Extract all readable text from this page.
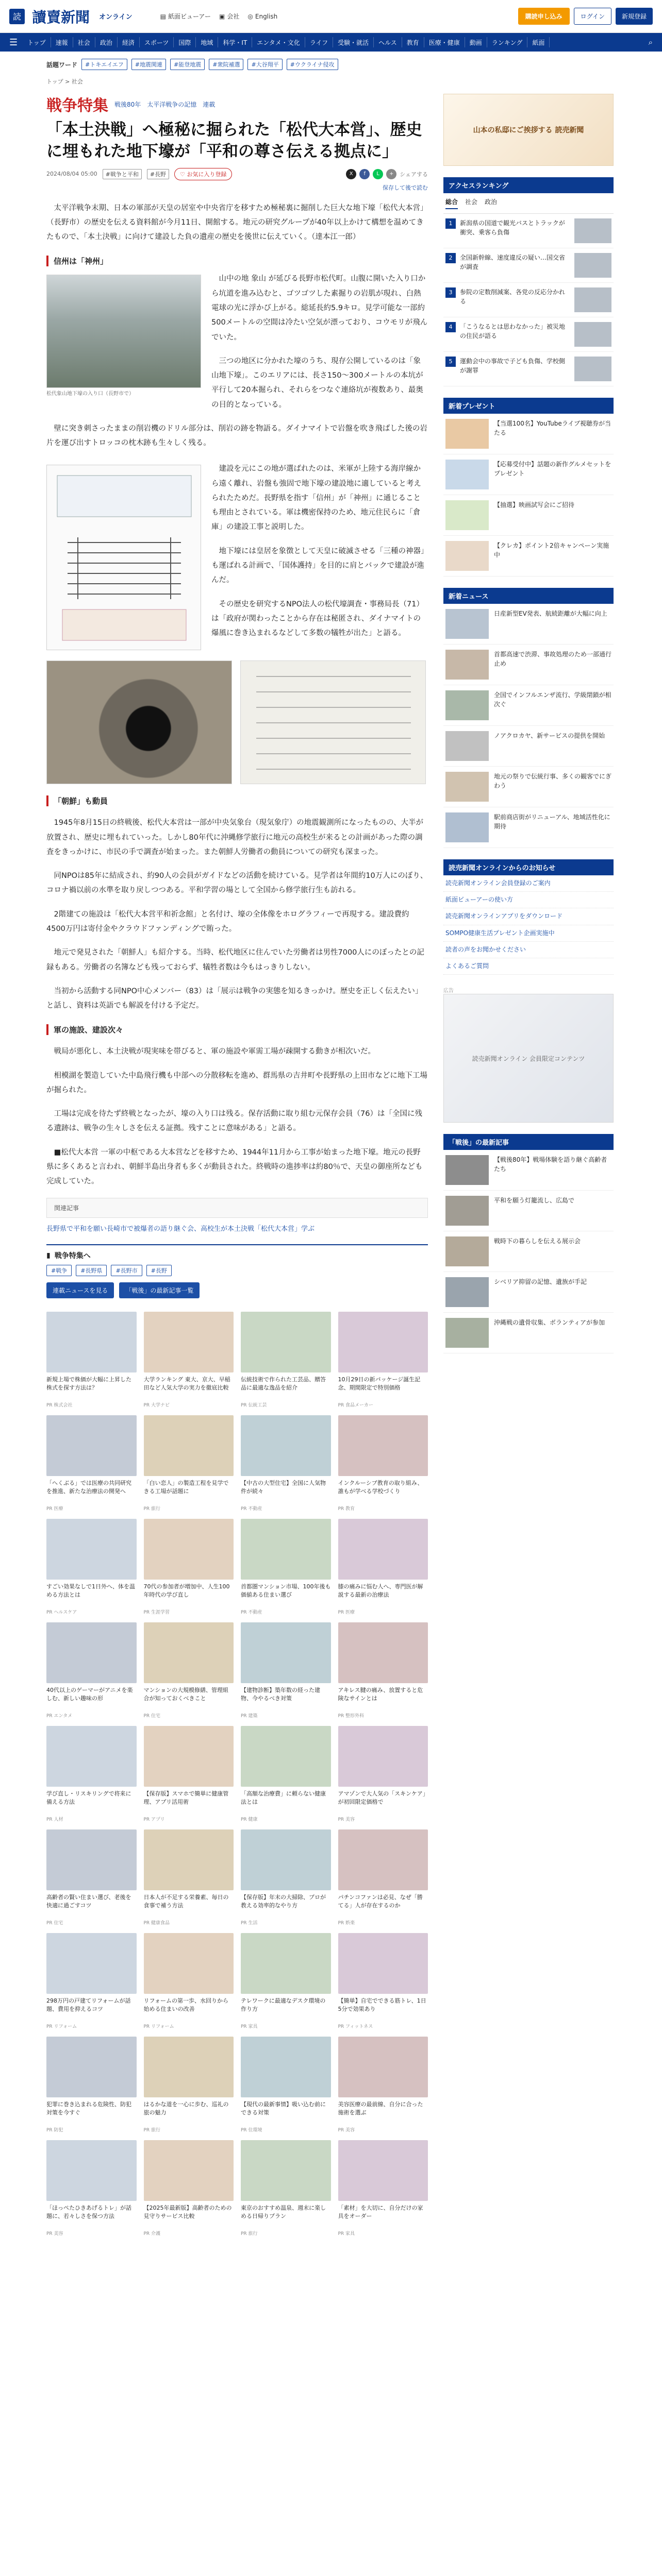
読 讀賣新聞 オンライン	▤ 紙面ビューアー ▣ 会社 ◎ English	購読申し込み	ログイン	新規登録
☰	トップ	速報	社会	政治	経済	スポーツ	国際	地域	科学・IT	エンタメ・文化	ライフ	受験・就活	ヘルス	教育	医療・健康	動画	ランキング	紙面	⌕
話題ワード	#トキエイエフ	#地震関連	#能登地震	#衆院補選	#大谷翔平	#ウクライナ侵攻
トップ > 社会
戦争特集 戦後80年 太平洋戦争の記憶 連載
「本土決戦」へ極秘に掘られた「松代大本営」、歴史に埋もれた地下壕が「平和の尊さ伝える拠点に」
2024/08/04 05:00	#戦争と平和	#長野	♡ お気に入り登録	X	f	L	+	シェアする
保存して後で読む

太平洋戦争末期、日本の軍部が天皇の居室や中央省庁を移すため極秘裏に掘削した巨大な地下壕「松代大本営」（長野市）の歴史を伝える資料館が今月11日、開館する。地元の研究グループが40年以上かけて構想を温めてきたもので、「本土決戦」に向けて建設した負の遺産の歴史を後世に伝えていく。（達本江一郎）

信州は「神州」
松代象山地下壕の入り口（長野市で）

山中の地 象山 が延びる長野市松代町。山腹に開いた入り口から坑道を進み込むと、ゴツゴツした素掘りの岩肌が現れ、白熱電球の光に浮かび上がる。総延長約5.9キロ。見学可能な一部約500メートルの空間は冷たい空気が漂っており、コウモリが飛んでいた。

三つの地区に分かれた壕のうち、現存公開しているのは「象山地下壕」。このエリアには、長さ150〜300メートルの本坑が平行して20本掘られ、それらをつなぐ連絡坑が複数あり、最奥の目的となっている。

壁に突き刺さったままの削岩機のドリル部分は、削岩の跡を物語る。ダイナマイトで岩盤を吹き飛ばした後の岩片を運び出すトロッコの枕木跡も生々しく残る。

建設を元にこの地が選ばれたのは、米軍が上陸する海岸線から遠く離れ、岩盤も強固で地下壕の建設地に適していると考えられたためだ。長野県を指す「信州」が「神州」に通じることも理由とされている。軍は機密保持のため、地元住民らに「倉庫」の建設工事と説明した。

地下壕には皇居を象徴として天皇に破滅させる「三種の神器」も運ばれる計画で、「国体護持」を目的に肩とバックで建設が進んだ。

その歴史を研究するNPO法人の松代壕調査・事務局長（71）は「政府が関わったことから存在は秘匿され、ダイナマイトの爆風に巻き込まれるなどして多数の犠牲が出た」と語る。

「朝鮮」も動員

1945年8月15日の終戦後、松代大本営は一部が中央気象台（現気象庁）の地震観測所になったものの、大半が放置され、歴史に埋もれていった。しかし80年代に沖縄修学旅行に地元の高校生が来るとの計画があった際の調査をきっかけに、市民の手で調査が始まった。また朝鮮人労働者の動員についての研究も深まった。

同NPOは85年に結成され、約90人の会員がガイドなどの活動を続けている。見学者は年間約10万人にのぼり、コロナ禍以前の水準を取り戻しつつある。平和学習の場として全国から修学旅行生も訪れる。

2階建ての施設は「松代大本営平和祈念館」と名付け、壕の全体像をホログラフィーで再現する。建設費約4500万円は寄付金やクラウドファンディングで賄った。

地元で発見された「朝鮮人」も紹介する。当時、松代地区に住んでいた労働者は男性7000人にのぼったとの記録もある。労働者の名簿なども残っておらず、犠牲者数は今もはっきりしない。

当初から活動する同NPO中心メンバー（83）は「展示は戦争の実態を知るきっかけ。歴史を正しく伝えたい」と話し、資料は英語でも解説を付ける予定だ。

軍の施設、建設次々

戦局が悪化し、本土決戦が現実味を帯びると、軍の施設や軍需工場が疎開する動きが相次いだ。

相模湖を製造していた中島飛行機も中部への分散移転を進め、群馬県の吉井町や長野県の上田市などに地下工場が掘られた。

工場は完成を待たず終戦となったが、壕の入り口は残る。保存活動に取り組む元保存会員（76）は「全国に残る遺跡は、戦争の生々しさを伝える証拠。残すことに意味がある」と語る。

■松代大本営 一軍の中枢である大本営などを移すため、1944年11月から工事が始まった地下壕。地元の長野県に多くあると言われ、朝鮮半島出身者も多くが動員された。終戦時の進捗率は約80％で、天皇の御座所なども完成していた。

関連記事
長野県で平和を願い長崎市で被爆者の語り継ぐ会、高校生が本土決戦「松代大本営」学ぶ
▮ 戦争特集へ
#戦争	#長野県	#長野市	#長野
連載ニュースを見る	「戦後」の最新記事一覧
新規上場で株価が大幅に上昇した株式を探す方法は？
PR 株式会社
大学ランキング 東大、京大、早稲田など人気大学の実力を徹底比較
PR 大学ナビ
伝統技術で作られた工芸品、贈答品に最適な逸品を紹介
PR 伝統工芸
10月29日の新パッケージ誕生記念、期間限定で特別価格
PR 食品メーカー
「へくぶる」では医療の共同研究を推進、新たな治療法の開発へ
PR 医療
「白い恋人」の製造工程を見学できる工場が話題に
PR 旅行
【中古の大型住宅】全国に人気物件が続々
PR 不動産
インクルーシブ教育の取り組み、誰もが学べる学校づくり
PR 教育
すごい効果なしで1日外へ、体を温める方法とは
PR ヘルスケア
70代の参加者が増加中、人生100年時代の学び直し
PR 生涯学習
首都圏マンション市場、100年後も価値ある住まい選び
PR 不動産
膝の痛みに悩む人へ、専門医が解説する最新の治療法
PR 医療
40代以上のゲーマーがアニメを楽しむ、新しい趣味の形
PR エンタメ
マンションの大規模修繕、管理組合が知っておくべきこと
PR 住宅
【建物診断】築年数の経った建物、今やるべき対策
PR 建築
アキレス腱の痛み、放置すると危険なサインとは
PR 整形外科
学び直し・リスキリングで将来に備える方法
PR 人材
【保存版】スマホで簡単に健康管理、アプリ活用術
PR アプリ
「高額な治療費」に頼らない健康法とは
PR 健康
アマゾンで大人気の「スキンケア」が初回限定価格で
PR 美容
高齢者の賢い住まい選び、老後を快適に過ごすコツ
PR 住宅
日本人が不足する栄養素、毎日の食事で補う方法
PR 健康食品
【保存版】年末の大掃除、プロが教える効率的なやり方
PR 生活
パチンコファンは必見、なぜ「勝てる」人が存在するのか
PR 娯楽
298万円の戸建てリフォームが話題、費用を抑えるコツ
PR リフォーム
リフォームの第一歩、水回りから始める住まいの改善
PR リフォーム
テレワークに最適なデスク環境の作り方
PR 家具
【簡単】自宅でできる筋トレ、1日5分で効果あり
PR フィットネス
犯罪に巻き込まれる危険性、防犯対策を今すぐ
PR 防犯
はるかな道を一心に歩む、巡礼の旅の魅力
PR 旅行
【現代の最新事情】吸い込む前にできる対策
PR 住環境
美容医療の最前線、自分に合った施術を選ぶ
PR 美容
「ほっぺたひきあげるトレ」が話題に、若々しさを保つ方法
PR 美容
【2025年最新版】高齢者のための見守りサービス比較
PR 介護
東京のおすすめ温泉、週末に楽しめる日帰りプラン
PR 旅行
「素材」を大切に、自分だけの家具をオーダー
PR 家具
山本の私邸にご挨拶する 読売新聞
アクセスランキング
総合 社会 政治
1	新潟県の国道で観光バスとトラックが衝突、乗客ら負傷
2	全国新幹線、速度違反の疑い…国交省が調査
3	参院の定数削減案、各党の反応分かれる
4	「こうなるとは思わなかった」被災地の住民が語る
5	運動会中の事故で子ども負傷、学校側が謝罪
新着プレゼント
【当選100名】YouTubeライブ視聴券が当たる
【応募受付中】話題の新作グルメセットをプレゼント
【抽選】映画試写会にご招待
【クレカ】ポイント2倍キャンペーン実施中
新着ニュース
日産新型EV発表、航続距離が大幅に向上
首都高速で渋滞、事故処理のため一部通行止め
全国でインフルエンザ流行、学級閉鎖が相次ぐ
ノアクロカヤ、新サービスの提供を開始
地元の祭りで伝統行事、多くの観客でにぎわう
駅前商店街がリニューアル、地域活性化に期待
読売新聞オンラインからのお知らせ
読売新聞オンライン会員登録のご案内
紙面ビューアーの使い方
読売新聞オンラインアプリをダウンロード
SOMPO健康生活プレゼント企画実施中
読者の声をお聞かせください
よくあるご質問
広告
読売新聞オンライン 会員限定コンテンツ
「戦後」の最新記事
【戦後80年】戦場体験を語り継ぐ高齢者たち
平和を願う灯籠流し、広島で
戦時下の暮らしを伝える展示会
シベリア抑留の記憶、遺族が手記
沖縄戦の遺骨収集、ボランティアが参加
